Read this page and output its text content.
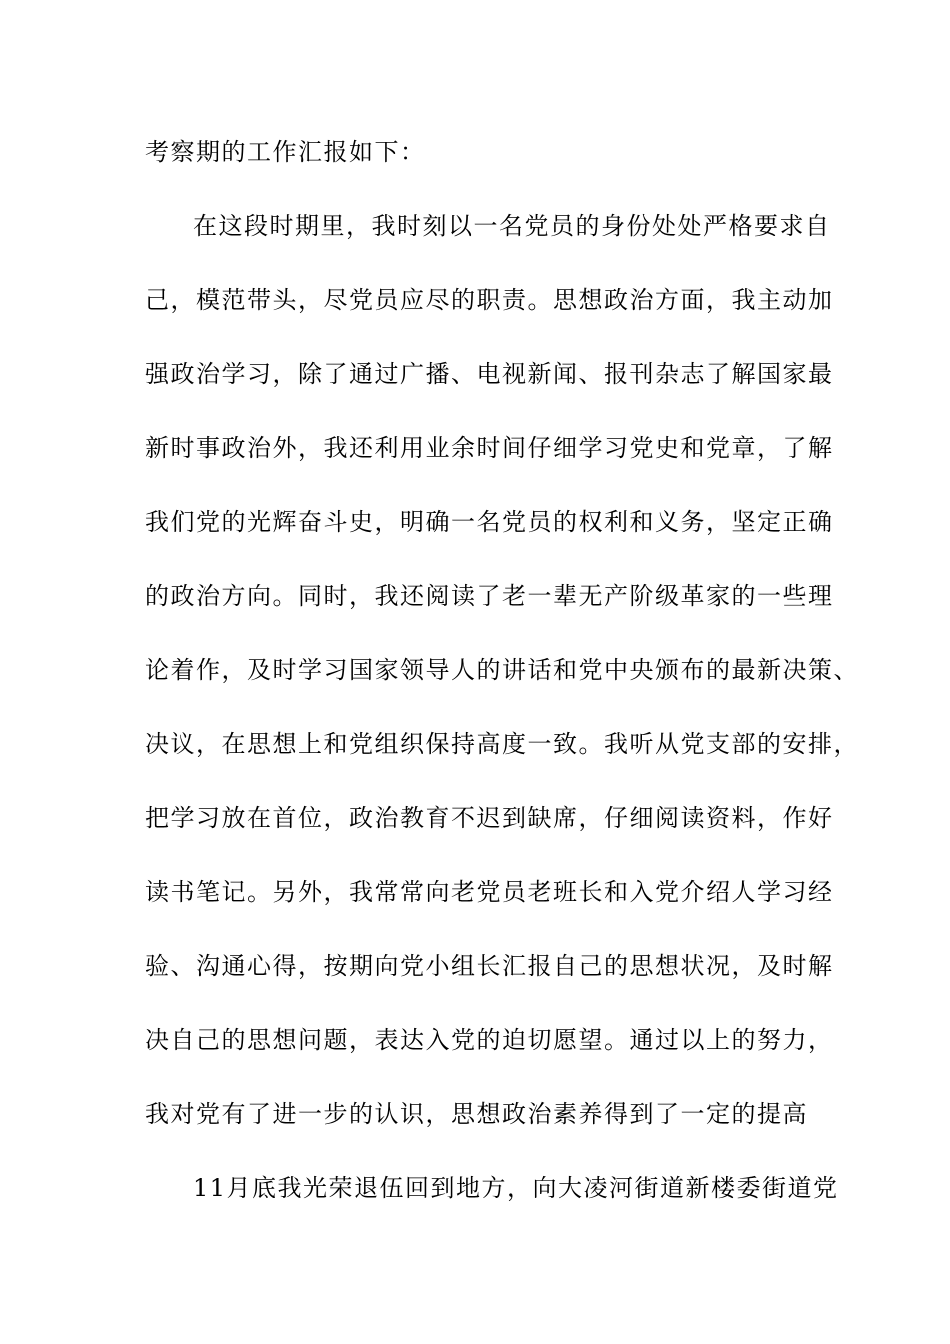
考察期的工作汇报如下：
在这段时期里，我时刻以一名党员的身份处处严格要求自
己，模范带头，尽党员应尽的职责。思想政治方面，我主动加
强政治学习，除了通过广播、电视新闻、报刊杂志了解国家最
新时事政治外，我还利用业余时间仔细学习党史和党章，了解
我们党的光辉奋斗史，明确一名党员的权利和义务，坚定正确
的政治方向。同时，我还阅读了老一辈无产阶级革家的一些理
论着作，及时学习国家领导人的讲话和党中央颁布的最新决策、
决议，在思想上和党组织保持高度一致。我听从党支部的安排，
把学习放在首位，政治教育不迟到缺席，仔细阅读资料，作好
读书笔记。另外，我常常向老党员老班长和入党介绍人学习经
验、沟通心得，按期向党小组长汇报自己的思想状况，及时解
决自己的思想问题，表达入党的迫切愿望。通过以上的努力，
我对党有了进一步的认识，思想政治素养得到了一定的提高
11月底我光荣退伍回到地方，向大凌河街道新楼委街道党
